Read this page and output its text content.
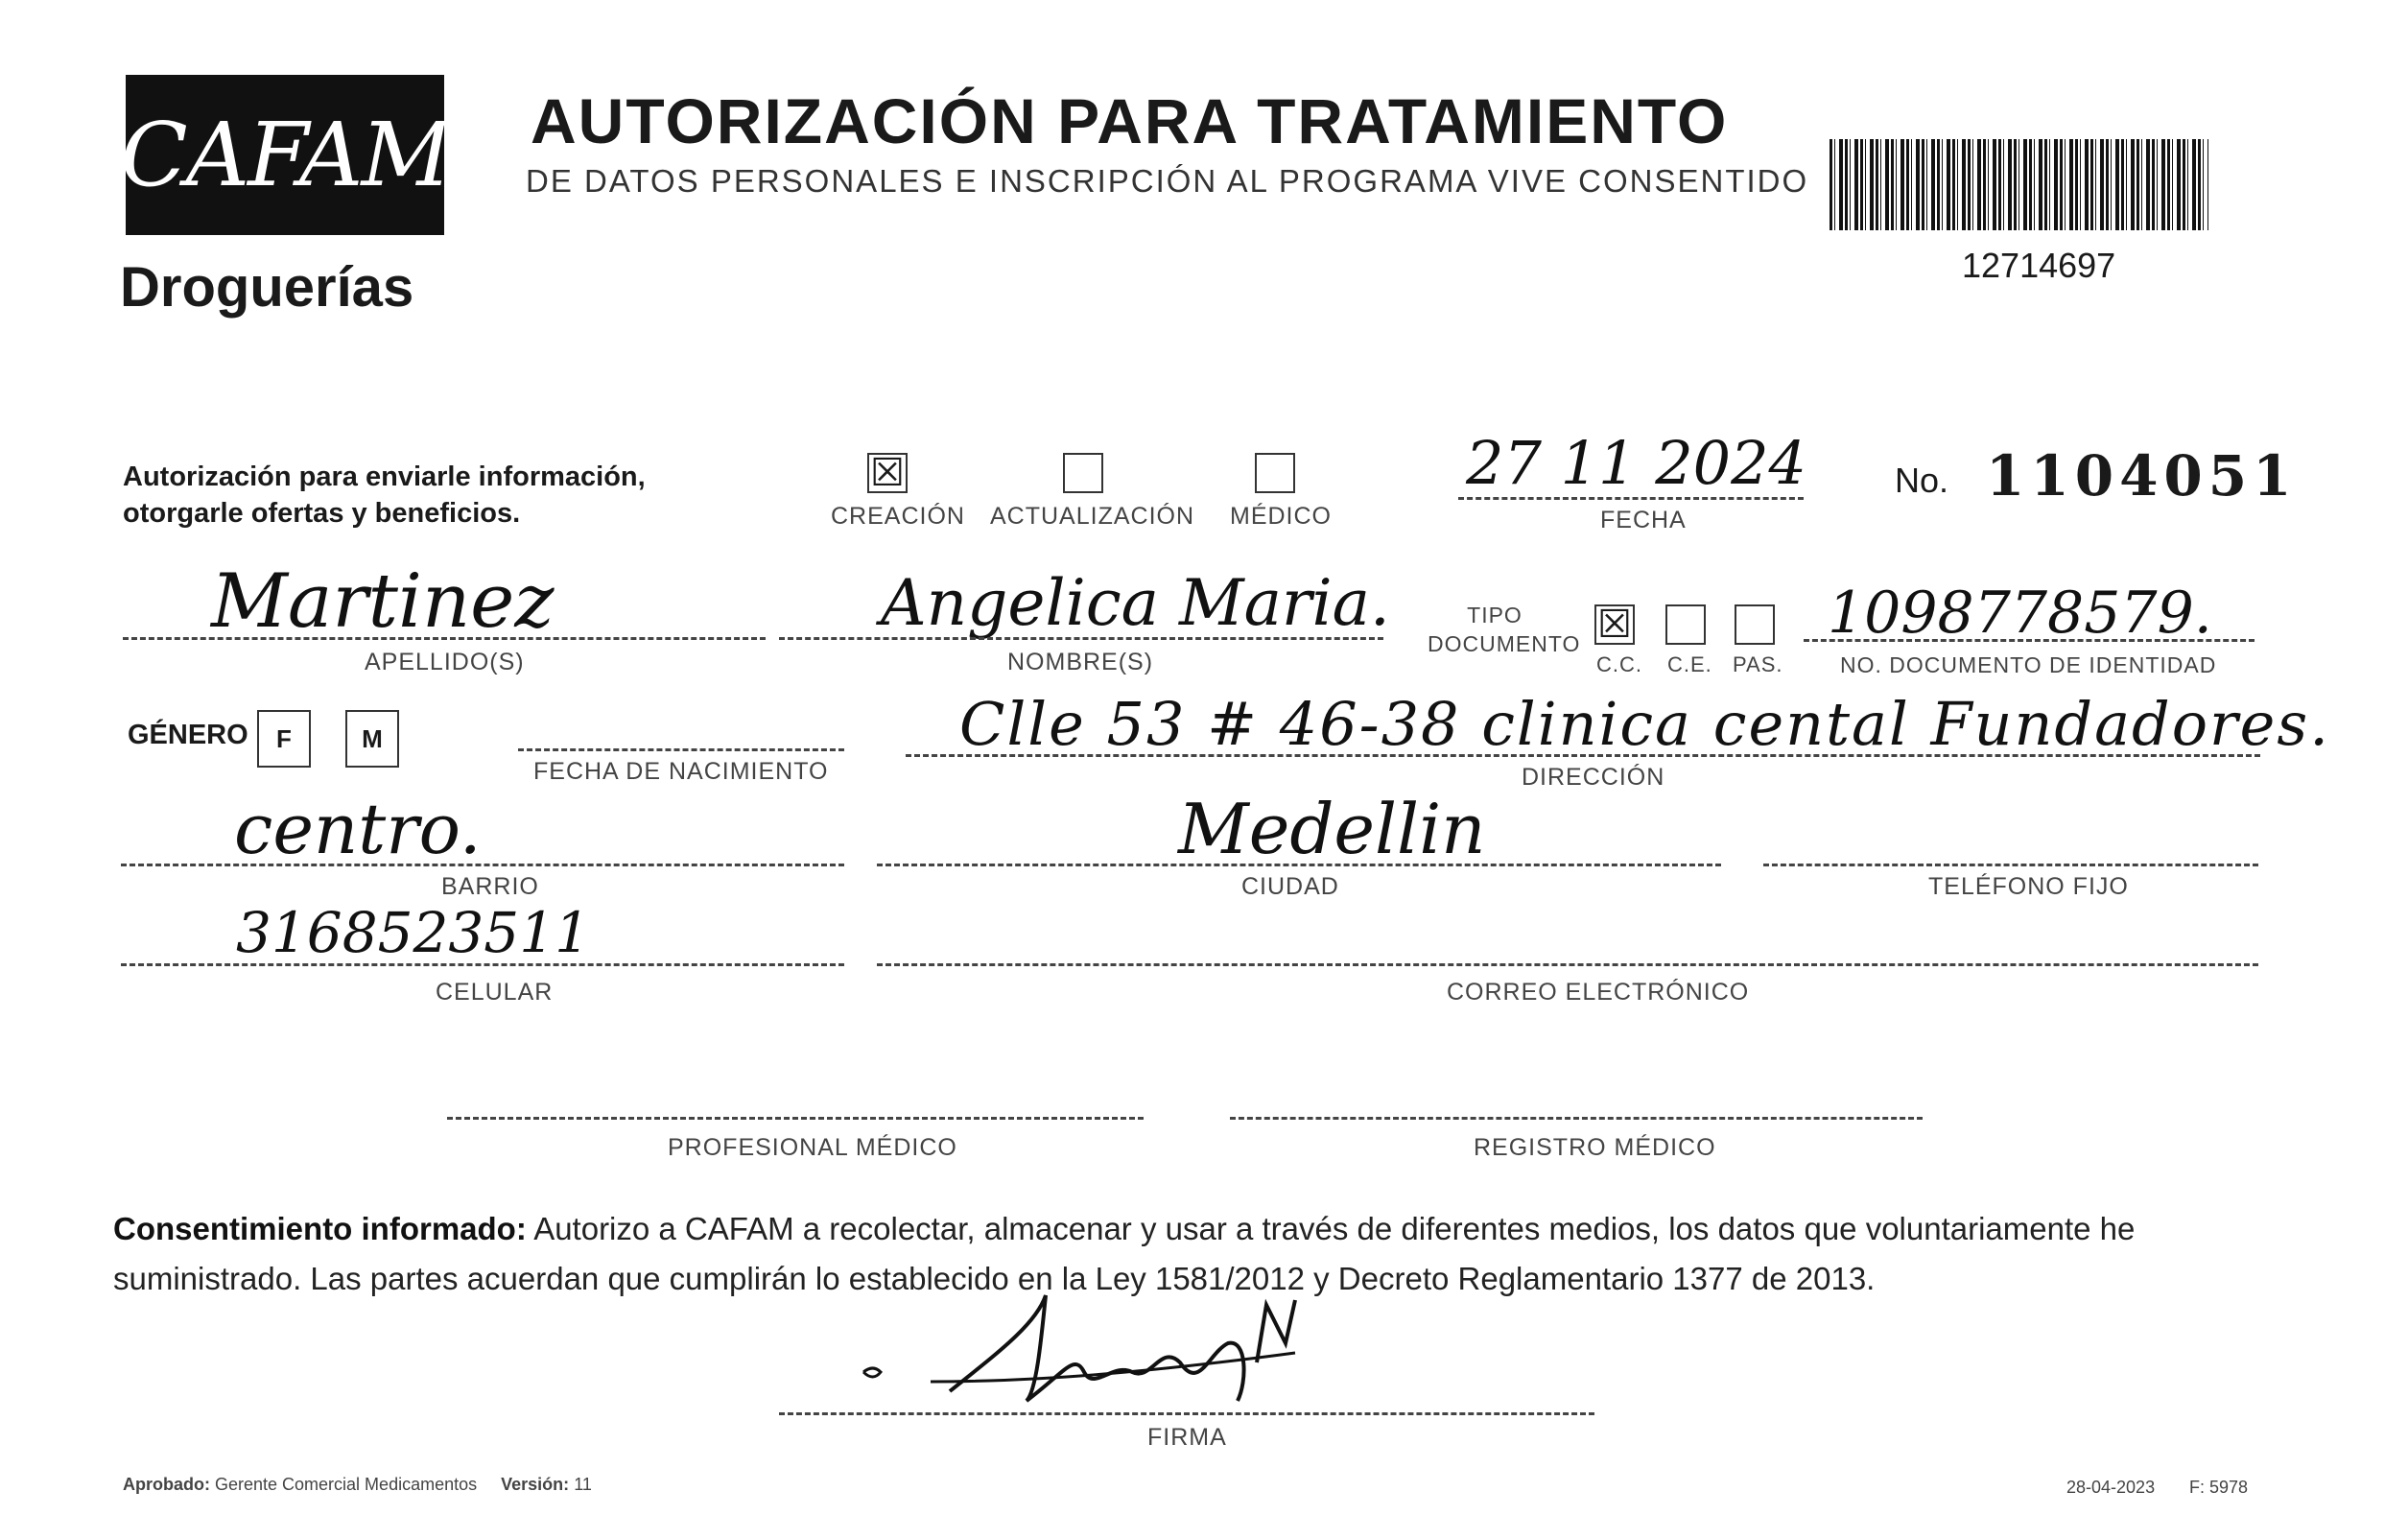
CAFAM
Droguerías
AUTORIZACIÓN PARA TRATAMIENTO
DE DATOS PERSONALES E INSCRIPCIÓN AL PROGRAMA VIVE CONSENTIDO
12714697
Autorización para enviarle información, otorgarle ofertas y beneficios.
☒
CREACIÓN ACTUALIZACIÓN MÉDICO
27 11 2024
FECHA
No. 1104051
Martinez
APELLIDO(S)
Angelica Maria.
NOMBRE(S)
TIPO DOCUMENTO ☒
C.C. C.E. PAS.
1098778579.
NO. DOCUMENTO DE IDENTIDAD
GÉNERO	F	M
FECHA DE NACIMIENTO
Clle 53 # 46-38 clinica cental Fundadores.
DIRECCIÓN
centro.
BARRIO
Medellin
CIUDAD	TELÉFONO FIJO
3168523511
CELULAR	CORREO ELECTRÓNICO
PROFESIONAL MÉDICO	REGISTRO MÉDICO
Consentimiento informado: Autorizo a CAFAM a recolectar, almacenar y usar a través de diferentes medios, los datos que voluntariamente he suministrado. Las partes acuerdan que cumplirán lo establecido en la Ley 1581/2012 y Decreto Reglamentario 1377 de 2013.
FIRMA
Aprobado: Gerente Comercial Medicamentos Versión: 11	28-04-2023 F: 5978
